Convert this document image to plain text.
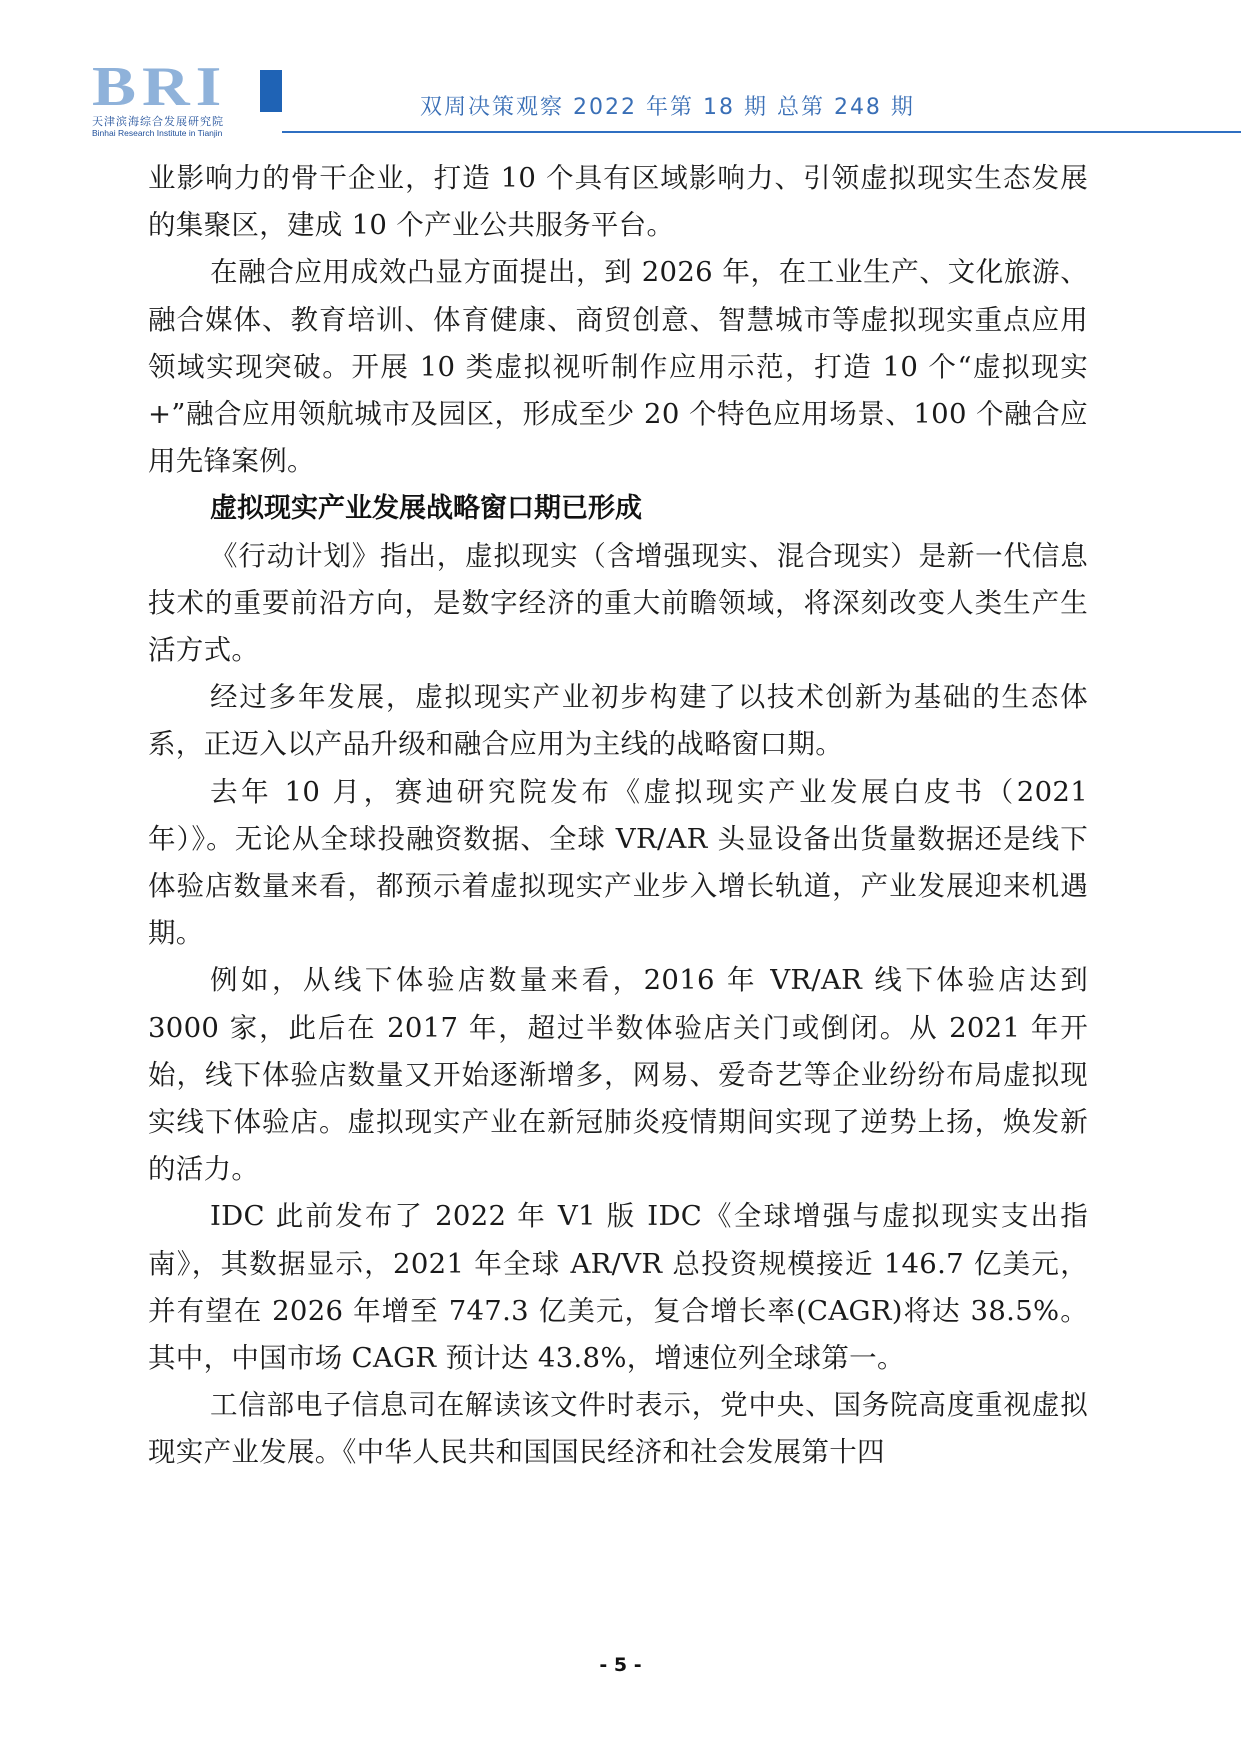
BRI
天津滨海综合发展研究院
Binhai Research Institute in Tianjin
双周决策观察 2022 年第 18 期 总第 248 期

业影响力的骨干企业，打造 10 个具有区域影响力、引领虚拟现实生态发展的集聚区，建成 10 个产业公共服务平台。

在融合应用成效凸显方面提出，到 2026 年，在工业生产、文化旅游、融合媒体、教育培训、体育健康、商贸创意、智慧城市等虚拟现实重点应用领域实现突破。开展 10 类虚拟视听制作应用示范，打造 10 个“虚拟现实+”融合应用领航城市及园区，形成至少 20 个特色应用场景、100 个融合应用先锋案例。

虚拟现实产业发展战略窗口期已形成

《行动计划》指出，虚拟现实（含增强现实、混合现实）是新一代信息技术的重要前沿方向，是数字经济的重大前瞻领域，将深刻改变人类生产生活方式。

经过多年发展，虚拟现实产业初步构建了以技术创新为基础的生态体系，正迈入以产品升级和融合应用为主线的战略窗口期。

去年 10 月，赛迪研究院发布《虚拟现实产业发展白皮书（2021 年）》。无论从全球投融资数据、全球 VR/AR 头显设备出货量数据还是线下体验店数量来看，都预示着虚拟现实产业步入增长轨道，产业发展迎来机遇期。

例如，从线下体验店数量来看，2016 年 VR/AR 线下体验店达到 3000 家，此后在 2017 年，超过半数体验店关门或倒闭。从 2021 年开始，线下体验店数量又开始逐渐增多，网易、爱奇艺等企业纷纷布局虚拟现实线下体验店。虚拟现实产业在新冠肺炎疫情期间实现了逆势上扬，焕发新的活力。

IDC 此前发布了 2022 年 V1 版 IDC《全球增强与虚拟现实支出指南》，其数据显示，2021 年全球 AR/VR 总投资规模接近 146.7 亿美元，并有望在 2026 年增至 747.3 亿美元，复合增长率(CAGR)将达 38.5%。其中，中国市场 CAGR 预计达 43.8%，增速位列全球第一。

工信部电子信息司在解读该文件时表示，党中央、国务院高度重视虚拟现实产业发展。《中华人民共和国国民经济和社会发展第十四

- 5 -
